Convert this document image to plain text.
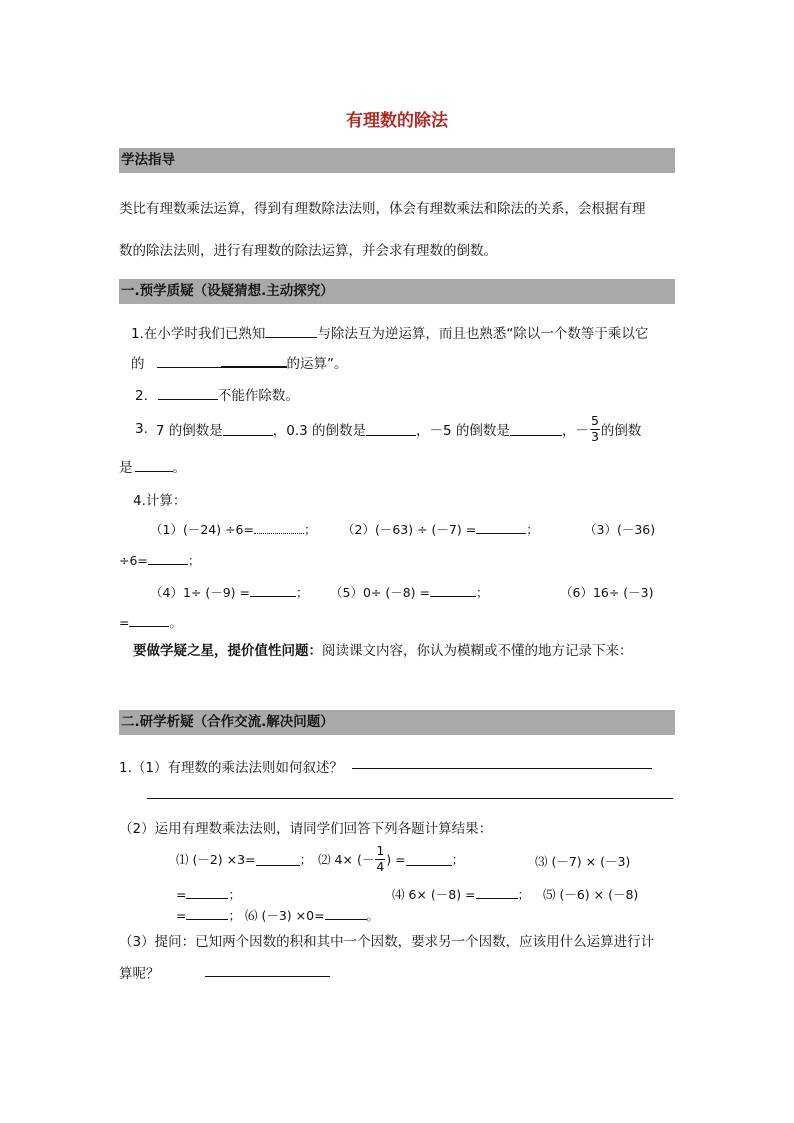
有理数的除法
学法指导
类比有理数乘法运算，得到有理数除法法则，体会有理数乘法和除法的关系，会根据有理
数的除法法则，进行有理数的除法运算，并会求有理数的倒数。
一.预学质疑（设疑猜想.主动探究）
1.在小学时我们已熟知	与除法互为逆运算，而且也熟悉“除以一个数等于乘以它
的	的运算”。
2.	不能作除数。
3. 7 的倒数是	，0.3 的倒数是	，－5 的倒数是	，－ $\frac{5}{3}$ 的倒数
是	。
4.计算：
（1）(－24) ÷6=	； （2）(－63) ÷ (－7) =	；	（3）(－36)
÷6=	；
（4）1÷ (－9) =	； （5）0÷ (－8) =	；	（6）16÷ (－3)
=	。
要做学疑之星，提价值性问题：阅读课文内容，你认为模糊或不懂的地方记录下来：
二.研学析疑（合作交流.解决问题）
1.（1）有理数的乘法法则如何叙述？
（2）运用有理数乘法法则，请同学们回答下列各题计算结果：
⑴ (－2) ×3=	； ⑵ 4× (－ $\frac{1}{4}$ ) =	；	⑶ (－7) × (－3)
=	；	⑷ 6× (－8) =	； ⑸ (－6) × (－8)
=	； ⑹ (－3) ×0=	。
（3）提问：已知两个因数的积和其中一个因数，要求另一个因数，应该用什么运算进行计
算呢？
